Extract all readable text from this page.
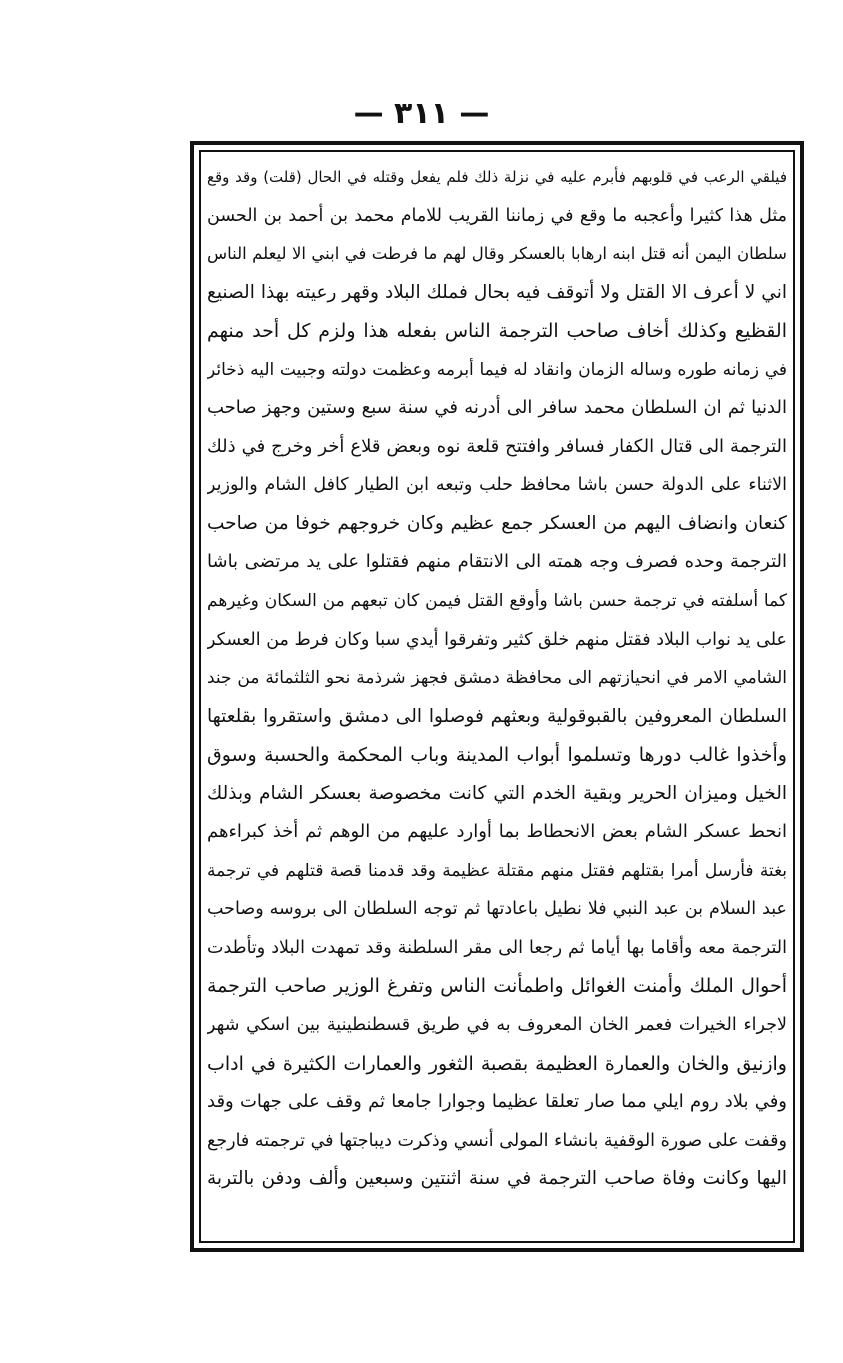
— ٣١١ —
فيلقي الرعب في قلوبهم فأبرم عليه في نزلة ذلك فلم يفعل وقتله في الحال (قلت) وقد وقع
مثل هذا كثيرا وأعجبه ما وقع في زماننا القريب للامام محمد بن أحمد بن الحسن
سلطان اليمن أنه قتل ابنه ارهابا بالعسكر وقال لهم ما فرطت في ابني الا ليعلم الناس
اني لا أعرف الا القتل ولا أتوقف فيه بحال فملك البلاد وقهر رعيته بهذا الصنيع
القظيع وكذلك أخاف صاحب الترجمة الناس بفعله هذا ولزم كل أحد منهم
في زمانه طوره وساله الزمان وانقاد له فيما أبرمه وعظمت دولته وجبيت اليه ذخائر
الدنيا ثم ان السلطان محمد سافر الى أدرنه في سنة سبع وستين وجهز صاحب
الترجمة الى قتال الكفار فسافر وافتتح قلعة نوه وبعض قلاع أخر وخرج في ذلك
الاثناء على الدولة حسن باشا محافظ حلب وتبعه ابن الطيار كافل الشام والوزير
كنعان وانضاف اليهم من العسكر جمع عظيم وكان خروجهم خوفا من صاحب
الترجمة وحده فصرف وجه همته الى الانتقام منهم فقتلوا على يد مرتضى باشا
كما أسلفته في ترجمة حسن باشا وأوقع القتل فيمن كان تبعهم من السكان وغيرهم
على يد نواب البلاد فقتل منهم خلق كثير وتفرقوا أيدي سبا وكان فرط من العسكر
الشامي الامر في انحيازتهم الى محافظة دمشق فجهز شرذمة نحو الثلثمائة من جند
السلطان المعروفين بالقبوقولية وبعثهم فوصلوا الى دمشق واستقروا بقلعتها
وأخذوا غالب دورها وتسلموا أبواب المدينة وباب المحكمة والحسبة وسوق
الخيل وميزان الحرير وبقية الخدم التي كانت مخصوصة بعسكر الشام وبذلك
انحط عسكر الشام بعض الانحطاط بما أوارد عليهم من الوهم ثم أخذ كبراءهم
بغتة فأرسل أمرا بقتلهم فقتل منهم مقتلة عظيمة وقد قدمنا قصة قتلهم في ترجمة
عبد السلام بن عبد النبي فلا نطيل باعادتها ثم توجه السلطان الى بروسه وصاحب
الترجمة معه وأقاما بها أياما ثم رجعا الى مقر السلطنة وقد تمهدت البلاد وتأطدت
أحوال الملك وأمنت الغوائل واطمأنت الناس وتفرغ الوزير صاحب الترجمة
لاجراء الخيرات فعمر الخان المعروف به في طريق قسطنطينية بين اسكي شهر
وازنيق والخان والعمارة العظيمة بقصبة الثغور والعمارات الكثيرة في اداب
وفي بلاد روم ايلي مما صار تعلقا عظيما وجوارا جامعا ثم وقف على جهات وقد
وقفت على صورة الوقفية بانشاء المولى أنسي وذكرت ديباجتها في ترجمته فارجع
اليها وكانت وفاة صاحب الترجمة في سنة اثنتين وسبعين وألف ودفن بالتربة
